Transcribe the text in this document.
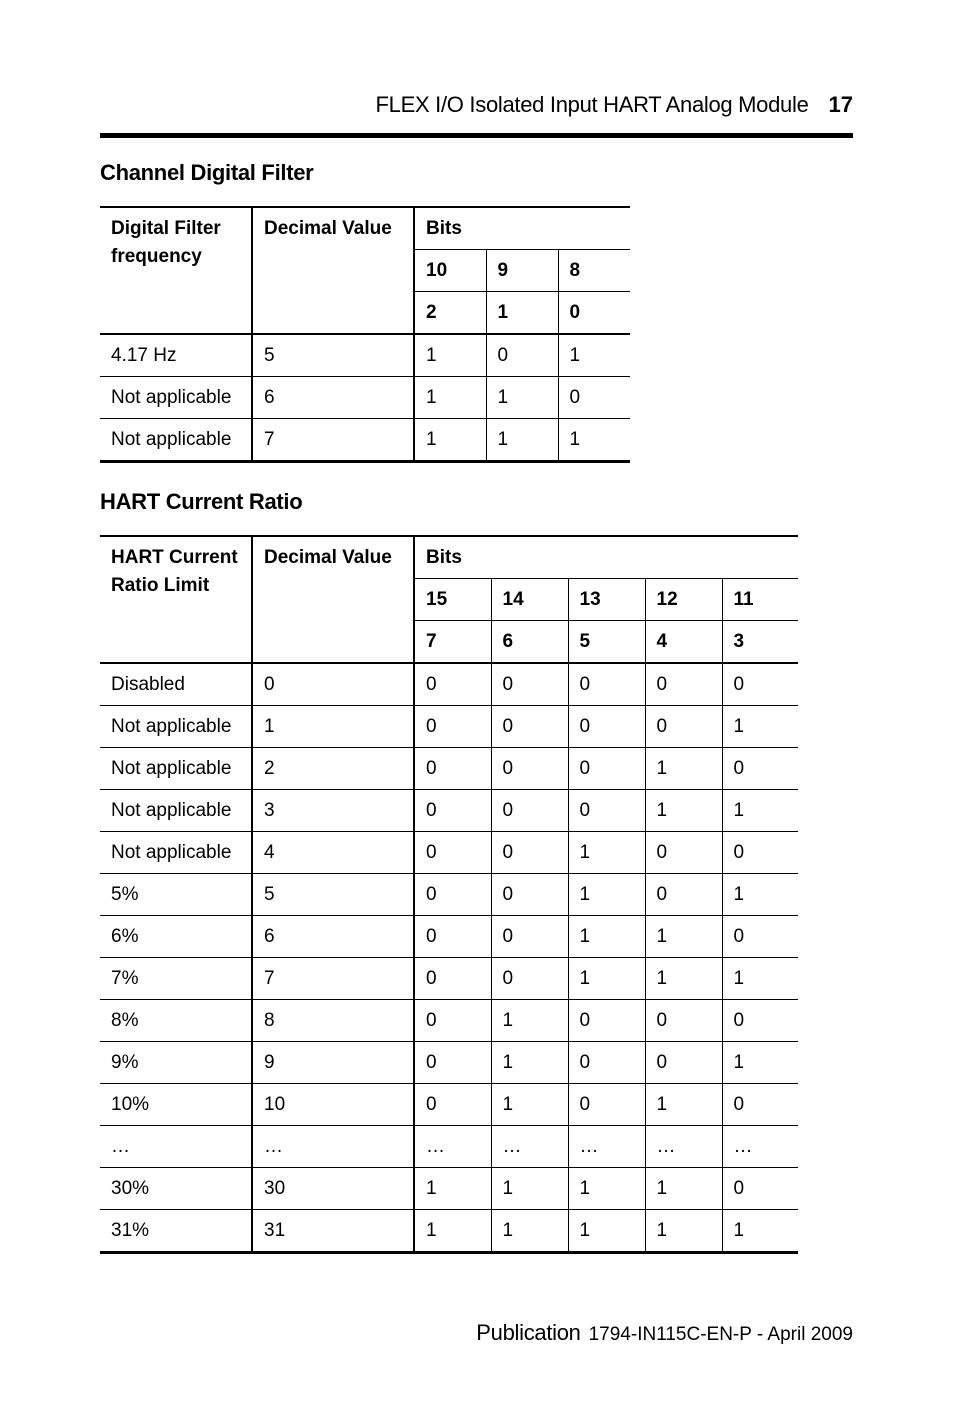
FLEX I/O Isolated Input HART Analog Module 17
Channel Digital Filter
Digital Filter frequency	Decimal Value	Bits		
		10	9	8
		2	1	0
4.17 Hz	5	1	0	1
Not applicable	6	1	1	0
Not applicable	7	1	1	1
HART Current Ratio
HART Current Ratio Limit	Decimal Value	Bits				
		15	14	13	12	11
		7	6	5	4	3
Disabled	0	0	0	0	0	0
Not applicable	1	0	0	0	0	1
Not applicable	2	0	0	0	1	0
Not applicable	3	0	0	0	1	1
Not applicable	4	0	0	1	0	0
5%	5	0	0	1	0	1
6%	6	0	0	1	1	0
7%	7	0	0	1	1	1
8%	8	0	1	0	0	0
9%	9	0	1	0	0	1
10%	10	0	1	0	1	0
…	…	…	…	…	…	…
30%	30	1	1	1	1	0
31%	31	1	1	1	1	1
Publication 1794-IN115C-EN-P - April 2009
